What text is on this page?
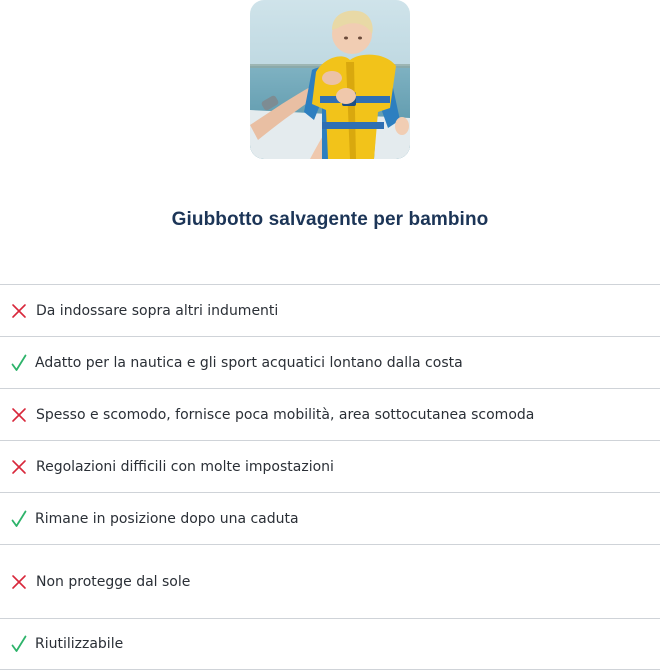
Giubbotto salvagente per bambino
Da indossare sopra altri indumenti
Adatto per la nautica e gli sport acquatici lontano dalla costa
Spesso e scomodo, fornisce poca mobilità, area sottocutanea scomoda
Regolazioni difficili con molte impostazioni
Rimane in posizione dopo una caduta
Non protegge dal sole
Riutilizzabile
